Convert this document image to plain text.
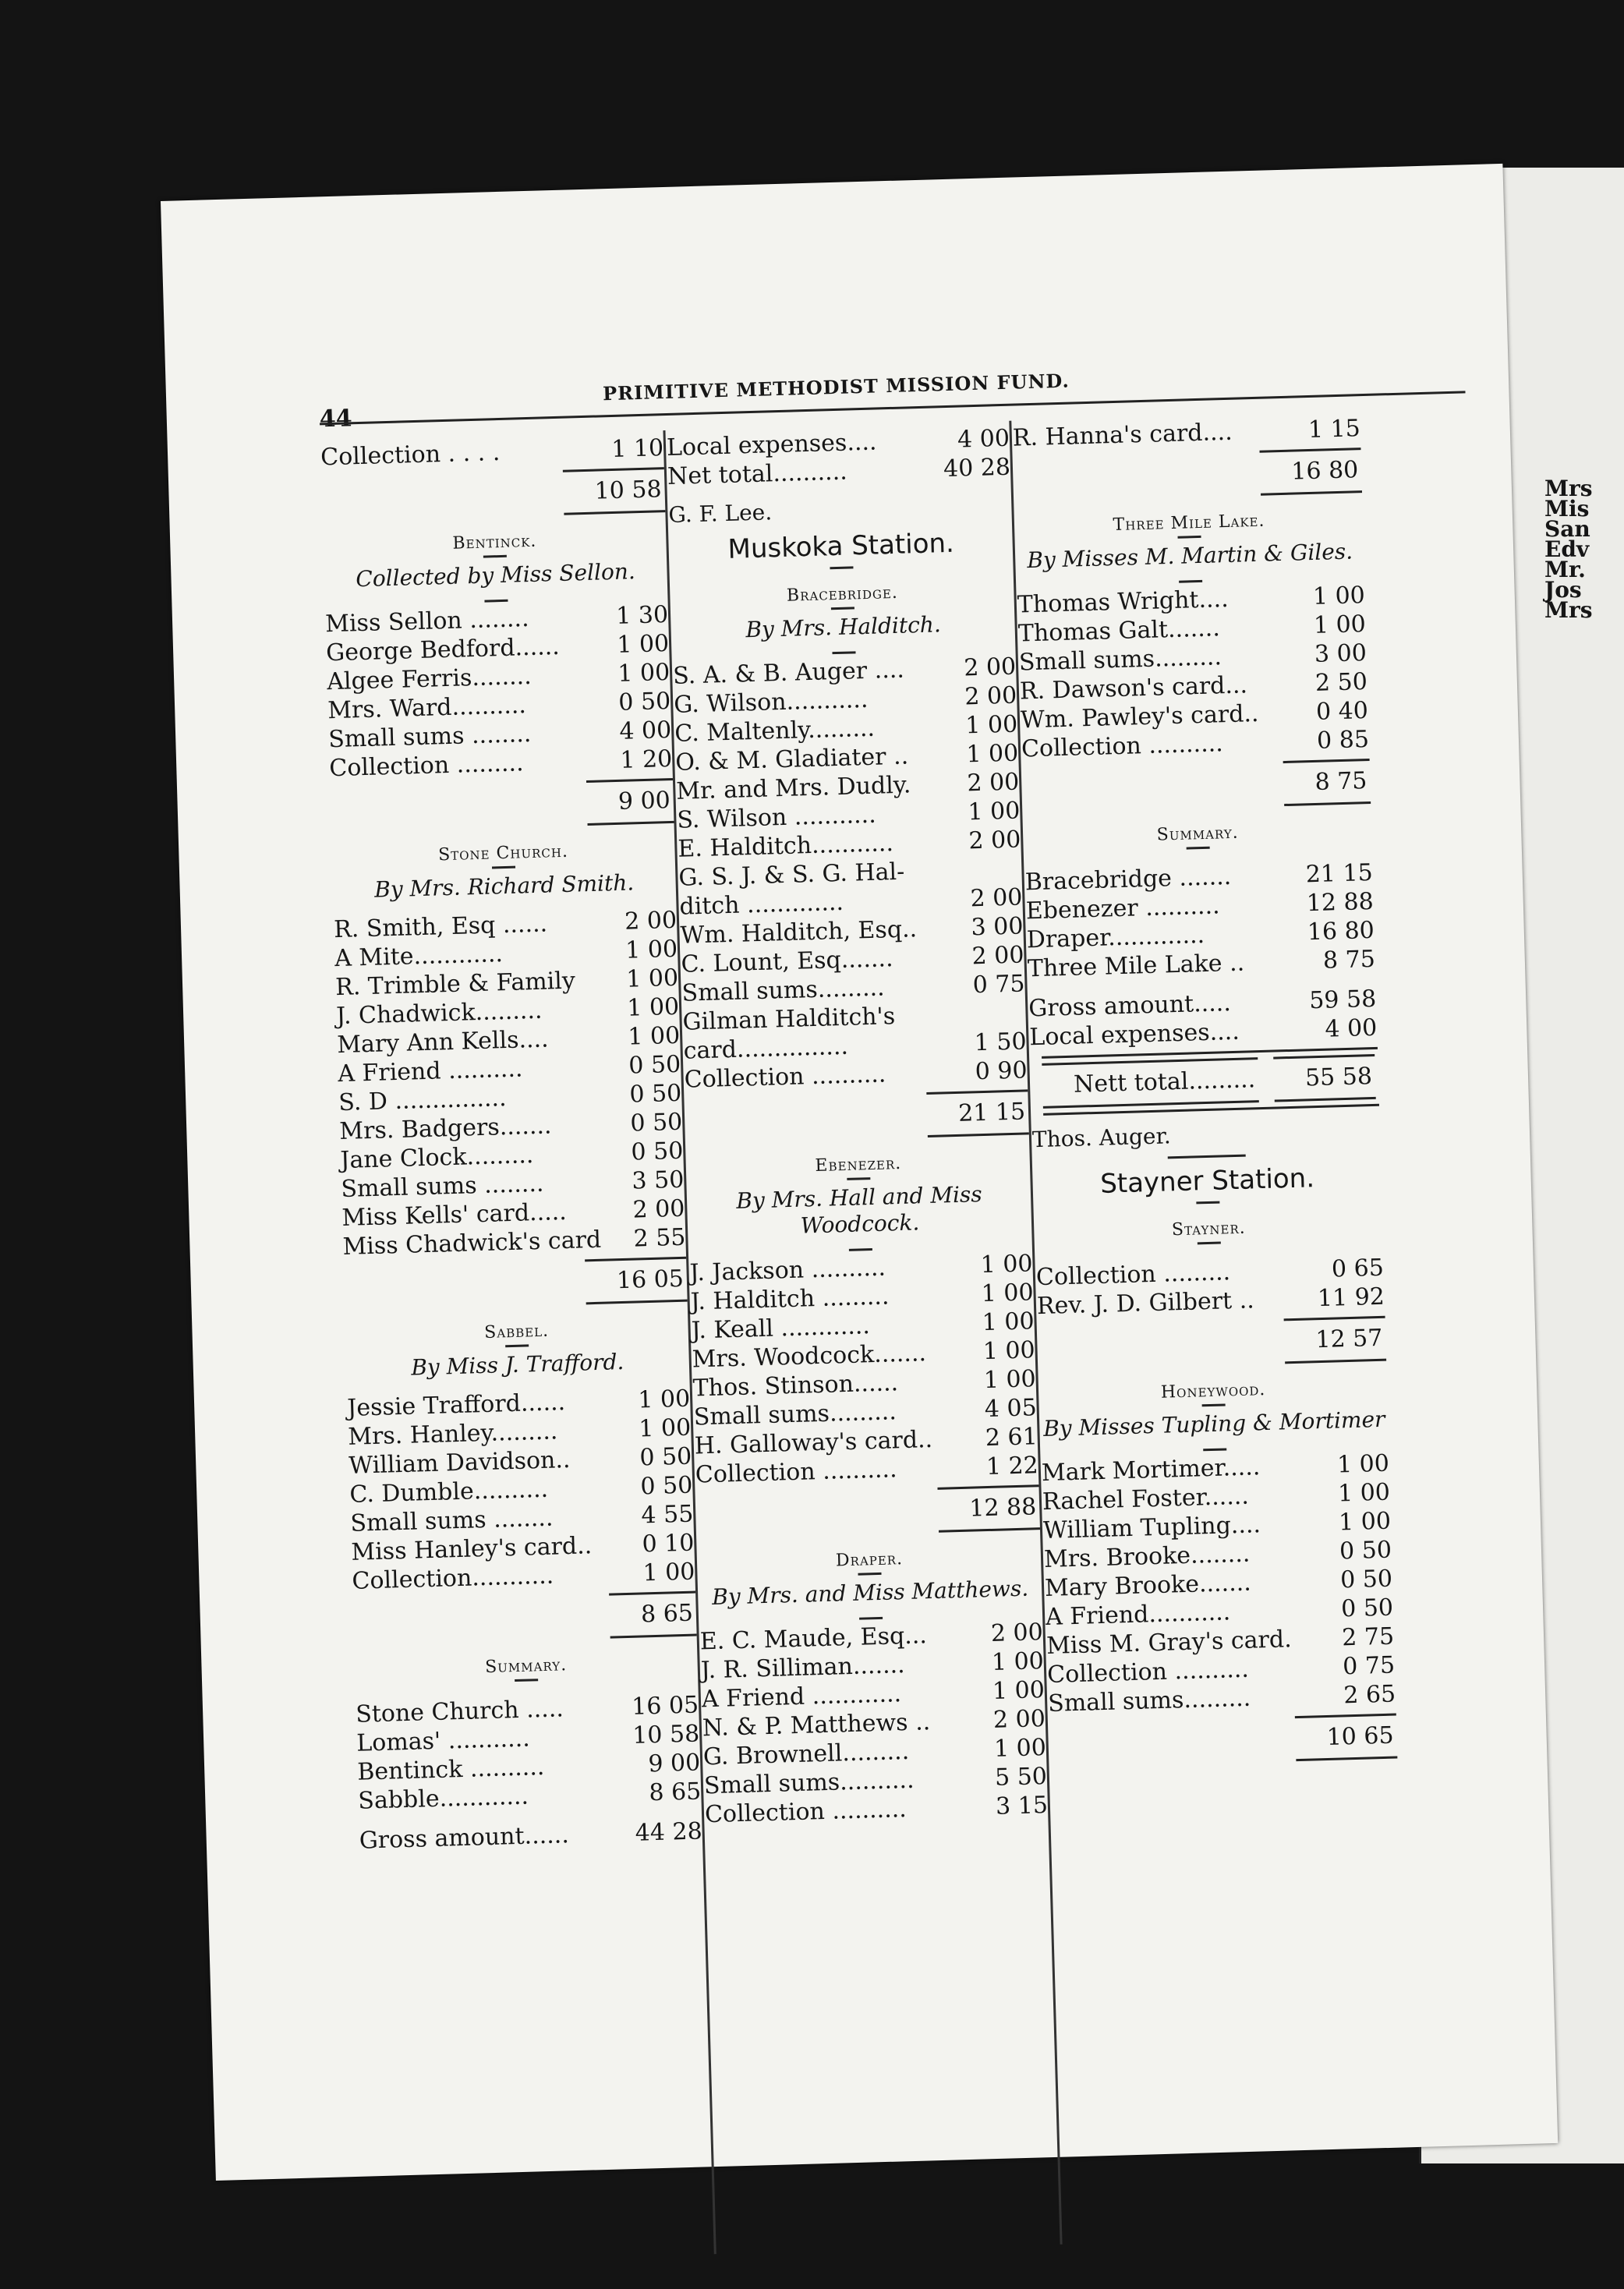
Mrs
Mis
San
Edv
Mr.
Jos
Mrs
44
PRIMITIVE METHODIST MISSION FUND.
Collection . . . .	1 10
10 58
Bentinck.
Collected by Miss Sellon.
Miss Sellon ........	1 30
George Bedford......	1 00
Algee Ferris........	1 00
Mrs. Ward..........	0 50
Small sums ........	4 00
Collection .........	1 20
9 00
Stone Church.
By Mrs. Richard Smith.
R. Smith, Esq ......	2 00
A Mite............	1 00
R. Trimble & Family	1 00
J. Chadwick.........	1 00
Mary Ann Kells....	1 00
A Friend ..........	0 50
S. D ...............	0 50
Mrs. Badgers.......	0 50
Jane Clock.........	0 50
Small sums ........	3 50
Miss Kells' card.....	2 00
Miss Chadwick's card	2 55
16 05
Sabbel.
By Miss J. Trafford.
Jessie Trafford......	1 00
Mrs. Hanley.........	1 00
William Davidson..	0 50
C. Dumble..........	0 50
Small sums ........	4 55
Miss Hanley's card..	0 10
Collection...........	1 00
8 65
Summary.
Stone Church .....	16 05
Lomas' ...........	10 58
Bentinck ..........	9 00
Sabble............	8 65
Gross amount......	44 28
Local expenses....	4 00
Net total..........	40 28
G. F. Lee.
Muskoka Station.
Bracebridge.
By Mrs. Halditch.
S. A. & B. Auger ....	2 00
G. Wilson...........	2 00
C. Maltenly.........	1 00
O. & M. Gladiater ..	1 00
Mr. and Mrs. Dudly.	2 00
S. Wilson ...........	1 00
E. Halditch...........	2 00
G. S. J. & S. G. Hal-
ditch .............	2 00
Wm. Halditch, Esq..	3 00
C. Lount, Esq.......	2 00
Small sums.........	0 75
Gilman Halditch's
card...............	1 50
Collection ..........	0 90
21 15
Ebenezer.
By Mrs. Hall and Miss Woodcock.
J. Jackson ..........	1 00
J. Halditch .........	1 00
J. Keall ............	1 00
Mrs. Woodcock.......	1 00
Thos. Stinson......	1 00
Small sums.........	4 05
H. Galloway's card..	2 61
Collection ..........	1 22
12 88
Draper.
By Mrs. and Miss Matthews.
E. C. Maude, Esq...	2 00
J. R. Silliman.......	1 00
A Friend ............	1 00
N. & P. Matthews ..	2 00
G. Brownell.........	1 00
Small sums..........	5 50
Collection ..........	3 15
R. Hanna's card....	1 15
16 80
Three Mile Lake.
By Misses M. Martin & Giles.
Thomas Wright....	1 00
Thomas Galt.......	1 00
Small sums.........	3 00
R. Dawson's card...	2 50
Wm. Pawley's card..	0 40
Collection ..........	0 85
8 75
Summary.
Bracebridge .......	21 15
Ebenezer ..........	12 88
Draper.............	16 80
Three Mile Lake ..	8 75
Gross amount.....	59 58
Local expenses....	4 00
Nett total.........	55 58
Thos. Auger.
Stayner Station.
Stayner.
Collection .........	0 65
Rev. J. D. Gilbert ..	11 92
12 57
Honeywood.
By Misses Tupling & Mortimer
Mark Mortimer.....	1 00
Rachel Foster......	1 00
William Tupling....	1 00
Mrs. Brooke........	0 50
Mary Brooke.......	0 50
A Friend...........	0 50
Miss M. Gray's card.	2 75
Collection ..........	0 75
Small sums.........	2 65
10 65
